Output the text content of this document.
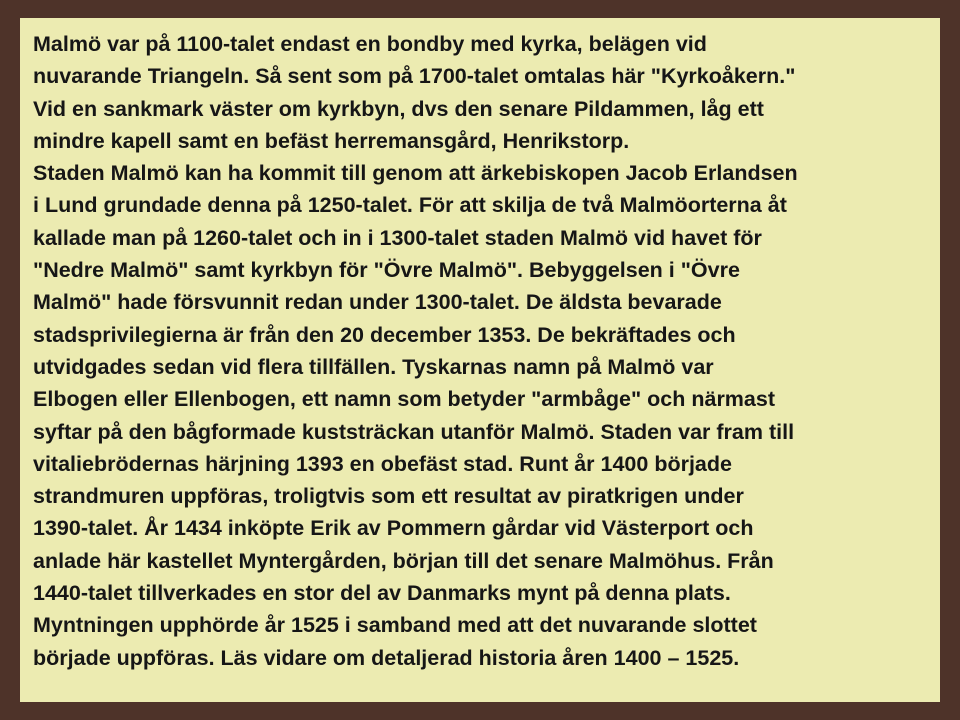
Malmö var på 1100-talet endast en bondby med kyrka, belägen vid
nuvarande Triangeln. Så sent som på 1700-talet omtalas här "Kyrkoåkern."
Vid en sankmark väster om kyrkbyn, dvs den senare Pildammen, låg ett
mindre kapell samt en befäst herremansgård, Henrikstorp.
Staden Malmö kan ha kommit till genom att ärkebiskopen Jacob Erlandsen
i Lund grundade denna på 1250-talet. För att skilja de två Malmöorterna åt
kallade man på 1260-talet och in i 1300-talet staden Malmö vid havet för
"Nedre Malmö" samt kyrkbyn för "Övre Malmö". Bebyggelsen i "Övre
Malmö" hade försvunnit redan under 1300-talet. De äldsta bevarade
stadsprivilegierna är från den 20 december 1353. De bekräftades och
utvidgades sedan vid flera tillfällen. Tyskarnas namn på Malmö var
Elbogen eller Ellenbogen, ett namn som betyder "armbåge" och närmast
syftar på den bågformade kuststräckan utanför Malmö. Staden var fram till
vitaliebrödernas härjning 1393 en obefäst stad. Runt år 1400 började
strandmuren uppföras, troligtvis som ett resultat av piratkrigen under
1390-talet. År 1434 inköpte Erik av Pommern gårdar vid Västerport och
anlade här kastellet Myntergården, början till det senare Malmöhus. Från
1440-talet tillverkades en stor del av Danmarks mynt på denna plats.
Myntningen upphörde år 1525 i samband med att det nuvarande slottet
började uppföras. Läs vidare om detaljerad historia åren 1400 – 1525.
